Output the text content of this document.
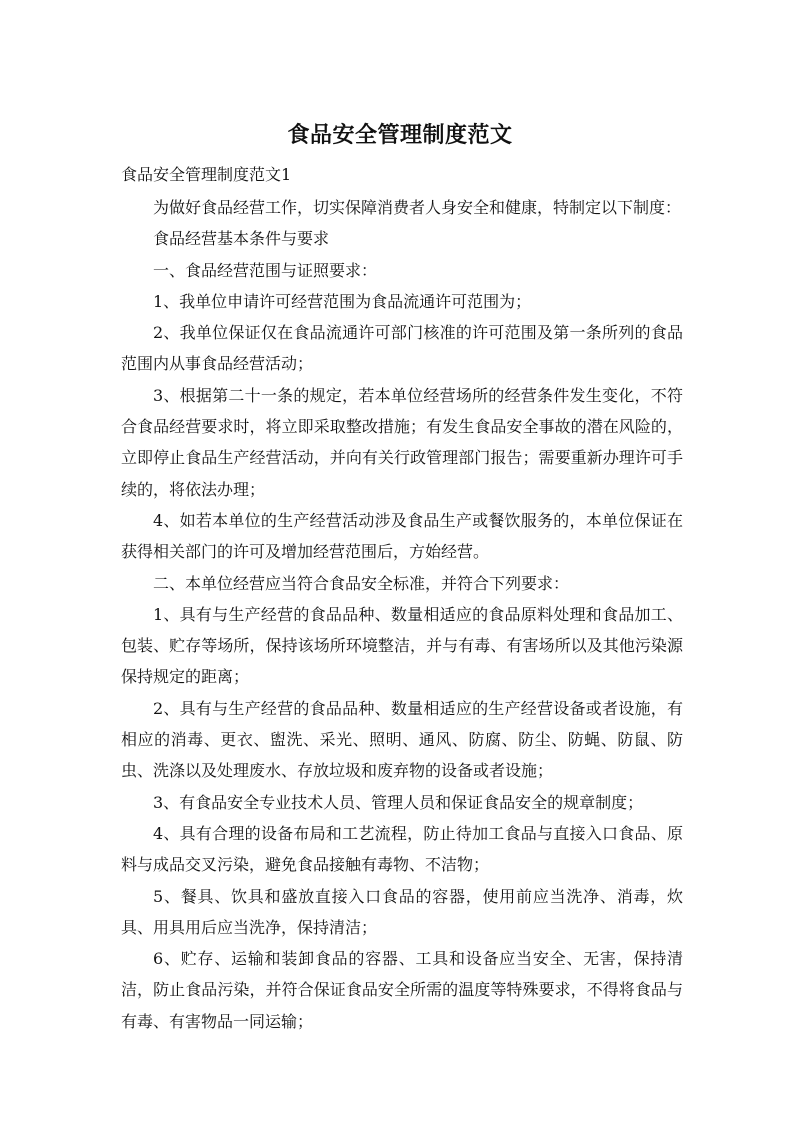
食品安全管理制度范文

食品安全管理制度范文1

为做好食品经营工作，切实保障消费者人身安全和健康，特制定以下制度：

食品经营基本条件与要求

一、食品经营范围与证照要求：

1、我单位申请许可经营范围为食品流通许可范围为；

2、我单位保证仅在食品流通许可部门核准的许可范围及第一条所列的食品范围内从事食品经营活动；

3、根据第二十一条的规定，若本单位经营场所的经营条件发生变化，不符合食品经营要求时，将立即采取整改措施；有发生食品安全事故的潜在风险的，立即停止食品生产经营活动，并向有关行政管理部门报告；需要重新办理许可手续的，将依法办理；

4、如若本单位的生产经营活动涉及食品生产或餐饮服务的，本单位保证在获得相关部门的许可及增加经营范围后，方始经营。

二、本单位经营应当符合食品安全标准，并符合下列要求：

1、具有与生产经营的食品品种、数量相适应的食品原料处理和食品加工、包装、贮存等场所，保持该场所环境整洁，并与有毒、有害场所以及其他污染源保持规定的距离；

2、具有与生产经营的食品品种、数量相适应的生产经营设备或者设施，有相应的消毒、更衣、盥洗、采光、照明、通风、防腐、防尘、防蝇、防鼠、防虫、洗涤以及处理废水、存放垃圾和废弃物的设备或者设施；

3、有食品安全专业技术人员、管理人员和保证食品安全的规章制度；

4、具有合理的设备布局和工艺流程，防止待加工食品与直接入口食品、原料与成品交叉污染，避免食品接触有毒物、不洁物；

5、餐具、饮具和盛放直接入口食品的容器，使用前应当洗净、消毒，炊具、用具用后应当洗净，保持清洁；

6、贮存、运输和装卸食品的容器、工具和设备应当安全、无害，保持清洁，防止食品污染，并符合保证食品安全所需的温度等特殊要求，不得将食品与有毒、有害物品一同运输；
